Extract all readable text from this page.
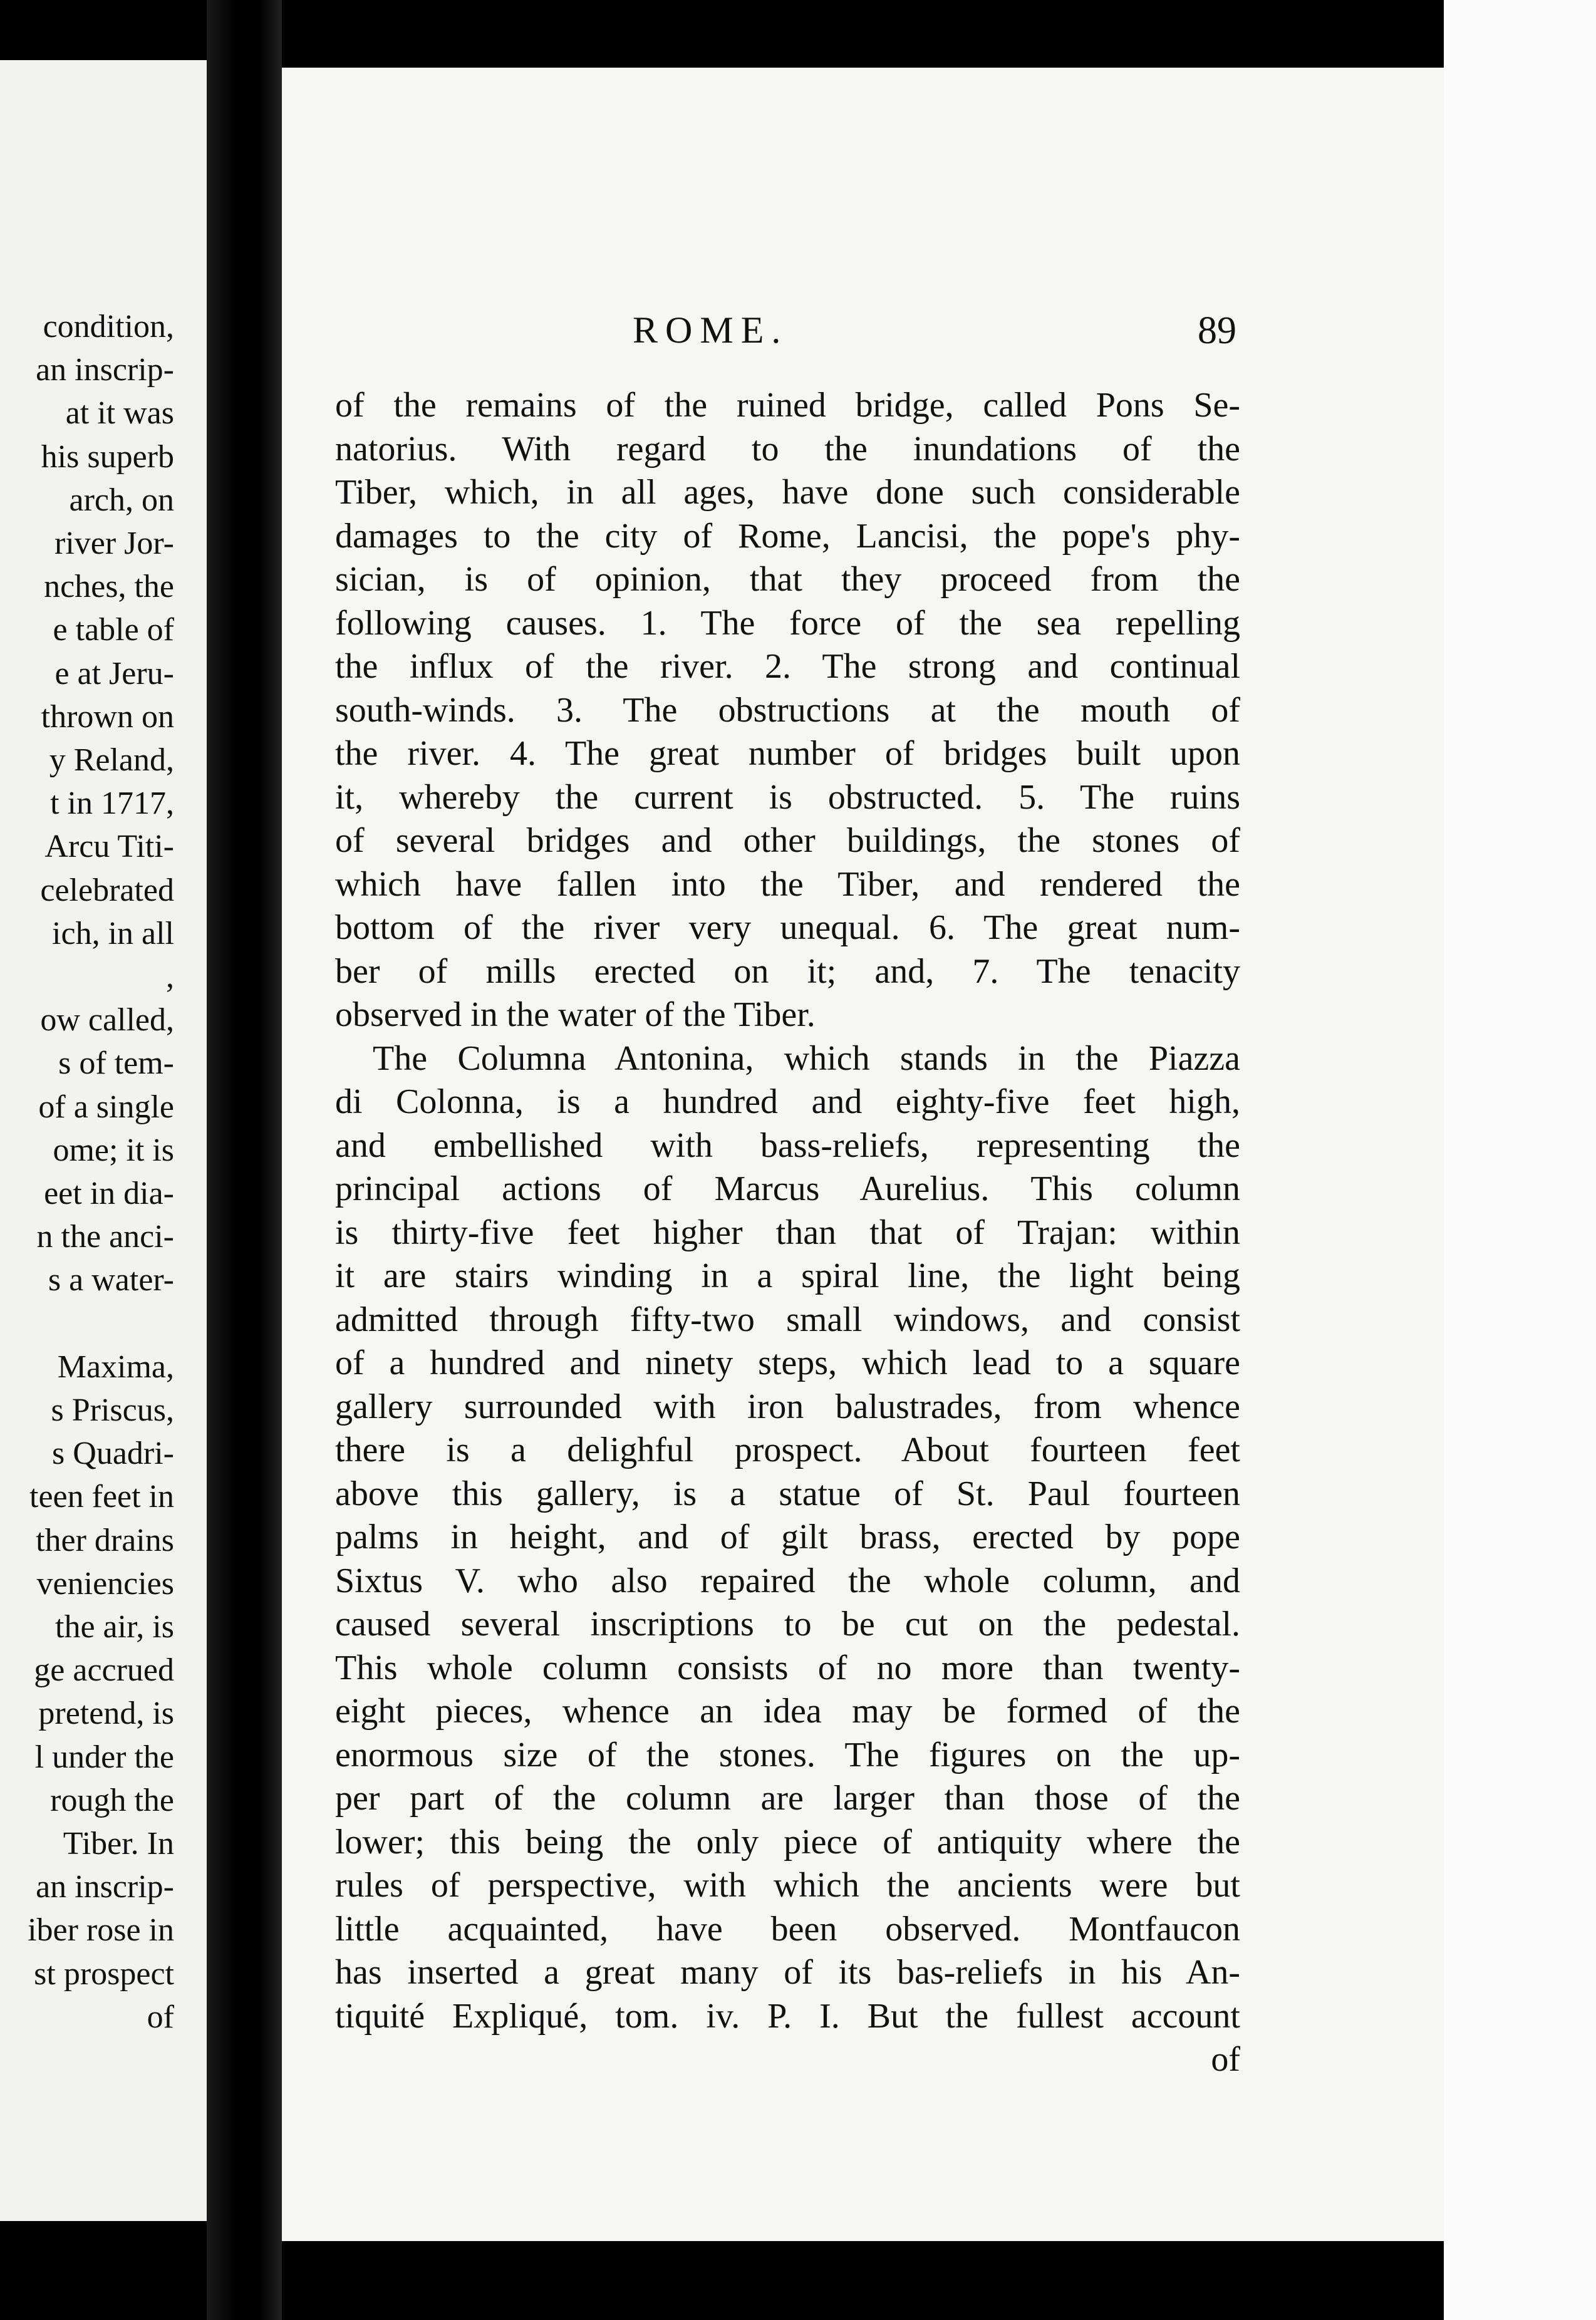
condition,
an inscrip-
at it was
his superb
arch, on
river Jor-
nches, the
e table of
e at Jeru-
thrown on
y Reland,
t in 1717,
Arcu Titi-
celebrated
ich, in all
,
ow called,
s of tem-
of a single
ome; it is
eet in dia-
n the anci-
s a water-
Maxima,
s Priscus,
s Quadri-
teen feet in
ther drains
veniencies
the air, is
ge accrued
pretend, is
l under the
rough the
Tiber. In
an inscrip-
iber rose in
st prospect
of
ROME.	89
of the remains of the ruined bridge, called Pons Se-
natorius. With regard to the inundations of the
Tiber, which, in all ages, have done such considerable
damages to the city of Rome, Lancisi, the pope's phy-
sician, is of opinion, that they proceed from the
following causes. 1. The force of the sea repelling
the influx of the river. 2. The strong and continual
south-winds. 3. The obstructions at the mouth of
the river. 4. The great number of bridges built upon
it, whereby the current is obstructed. 5. The ruins
of several bridges and other buildings, the stones of
which have fallen into the Tiber, and rendered the
bottom of the river very unequal. 6. The great num-
ber of mills erected on it; and, 7. The tenacity
observed in the water of the Tiber.
The Columna Antonina, which stands in the Piazza
di Colonna, is a hundred and eighty-five feet high,
and embellished with bass-reliefs, representing the
principal actions of Marcus Aurelius. This column
is thirty-five feet higher than that of Trajan: within
it are stairs winding in a spiral line, the light being
admitted through fifty-two small windows, and consist
of a hundred and ninety steps, which lead to a square
gallery surrounded with iron balustrades, from whence
there is a delighful prospect. About fourteen feet
above this gallery, is a statue of St. Paul fourteen
palms in height, and of gilt brass, erected by pope
Sixtus V. who also repaired the whole column, and
caused several inscriptions to be cut on the pedestal.
This whole column consists of no more than twenty-
eight pieces, whence an idea may be formed of the
enormous size of the stones. The figures on the up-
per part of the column are larger than those of the
lower; this being the only piece of antiquity where the
rules of perspective, with which the ancients were but
little acquainted, have been observed. Montfaucon
has inserted a great many of its bas-reliefs in his An-
tiquité Expliqué, tom. iv. P. I. But the fullest account
of
